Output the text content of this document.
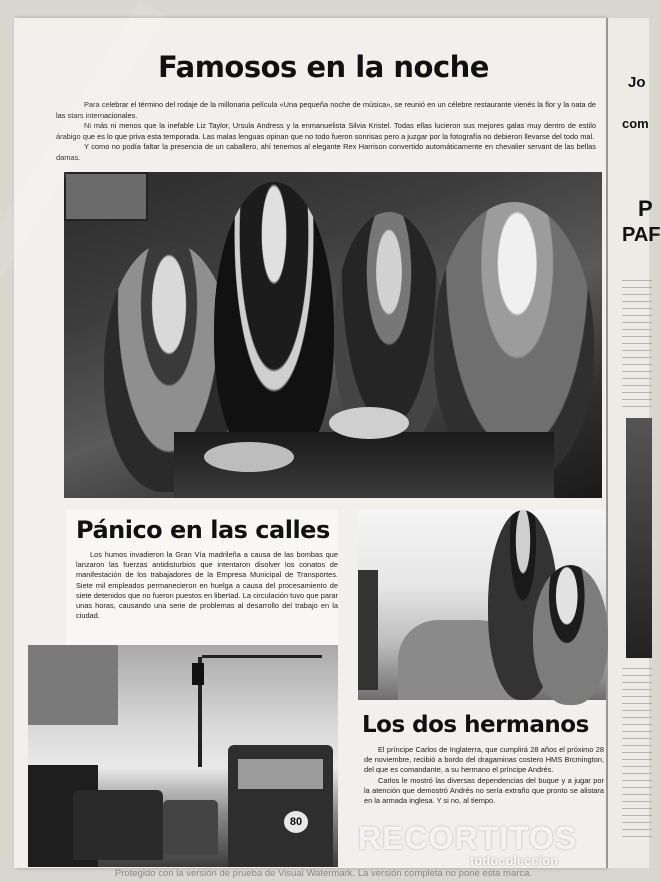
Jo
com
P
PAF
Famosos en la noche

Para celebrar el término del rodaje de la millonaria película «Una pequeña noche de música», se reunió en un célebre restaurante vienés la flor y la nata de las stars internacionales.

Ni más ni menos que la inefable Liz Taylor, Ursula Andress y la enmanuelista Silvia Kristel. Todas ellas lucieron sus mejores galas muy dentro de estilo árabigo que es lo que priva esta temporada. Las malas lenguas opinan que no todo fueron sonrisas pero a juzgar por la fotografía no debieron llevarse del todo mal.

Y como no podía faltar la presencia de un caballero, ahí tenemos al elegante Rex Harrison convertido automáticamente en chevalier servant de las bellas damas.

Pánico en las calles

Los humos invadieron la Gran Vía madrileña a causa de las bombas que lanzaron las fuerzas antidisturbios que intentaron disolver los conatos de manifestación de los trabajadores de la Empresa Municipal de Transportes. Siete mil empleados permanecieron en huelga a causa del procesamiento de siete detenidos que no fueron puestos en libertad. La circulación tuvo que parar unas horas, causando una serie de problemas al desarrollo del trabajo en la ciudad.

80
Los dos hermanos

El príncipe Carlos de Inglaterra, que cumplirá 28 años el próximo 28 de noviembre, recibió a bordo del dragaminas costero HMS Brcmington, del que es comandante, a su hermano el príncipe Andrés.

Carlos le mostró las diversas dependencias del buque y a jugar por la atención que demostró Andrés no sería extraño que pronto se alistara en la armada inglesa. Y si no, al tiempo.

RECORTITOS
todocoleccion
Protegido con la versión de prueba de Visual Watermark. La versión completa no pone esta marca.
